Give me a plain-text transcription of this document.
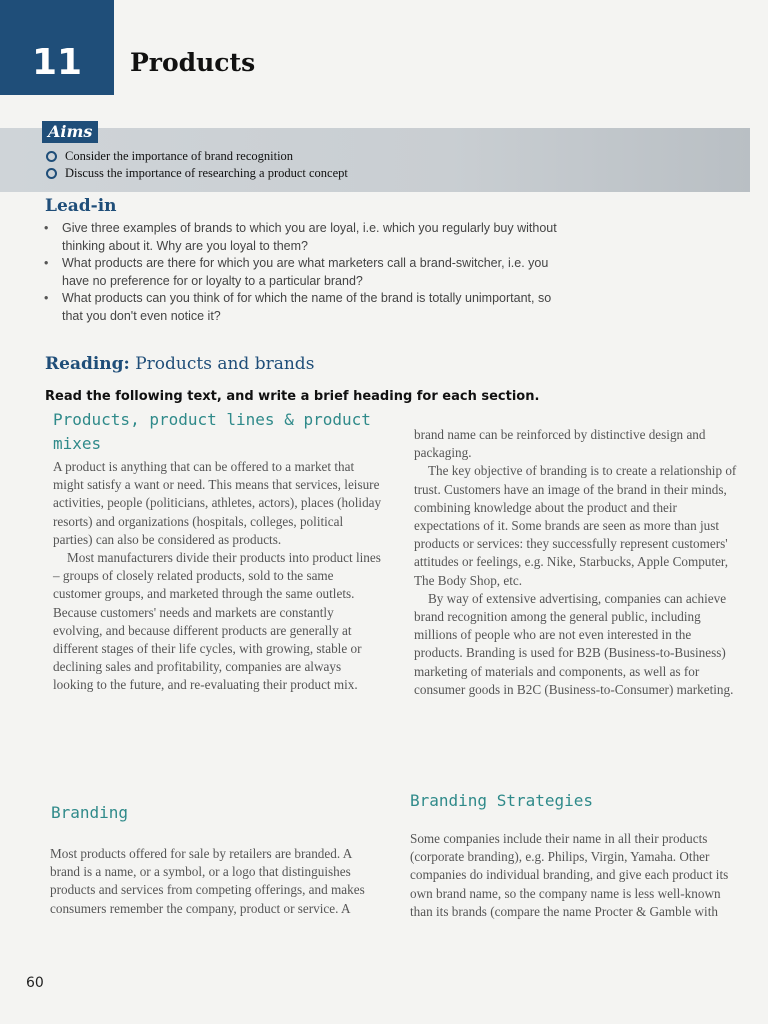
11 Products
Aims
Consider the importance of brand recognition
Discuss the importance of researching a product concept
Lead-in
• Give three examples of brands to which you are loyal, i.e. which you regularly buy without thinking about it. Why are you loyal to them?
• What products are there for which you are what marketers call a brand-switcher, i.e. you have no preference for or loyalty to a particular brand?
• What products can you think of for which the name of the brand is totally unimportant, so that you don't even notice it?
Reading: Products and brands
Read the following text, and write a brief heading for each section.
Products, product lines & product mixes

A product is anything that can be offered to a market that might satisfy a want or need. This means that services, leisure activities, people (politicians, athletes, actors), places (holiday resorts) and organizations (hospitals, colleges, political parties) can also be considered as products.

Most manufacturers divide their products into product lines – groups of closely related products, sold to the same customer groups, and marketed through the same outlets. Because customers' needs and markets are constantly evolving, and because different products are generally at different stages of their life cycles, with growing, stable or declining sales and profitability, companies are always looking to the future, and re-evaluating their product mix.

Branding

Most products offered for sale by retailers are branded. A brand is a name, or a symbol, or a logo that distinguishes products and services from competing offerings, and makes consumers remember the company, product or service. A

brand name can be reinforced by distinctive design and packaging.

The key objective of branding is to create a relationship of trust. Customers have an image of the brand in their minds, combining knowledge about the product and their expectations of it. Some brands are seen as more than just products or services: they successfully represent customers' attitudes or feelings, e.g. Nike, Starbucks, Apple Computer, The Body Shop, etc.

By way of extensive advertising, companies can achieve brand recognition among the general public, including millions of people who are not even interested in the products. Branding is used for B2B (Business-to-Business) marketing of materials and components, as well as for consumer goods in B2C (Business-to-Consumer) marketing.

Branding Strategies

Some companies include their name in all their products (corporate branding), e.g. Philips, Virgin, Yamaha. Other companies do individual branding, and give each product its own brand name, so the company name is less well-known than its brands (compare the name Procter & Gamble with

60
